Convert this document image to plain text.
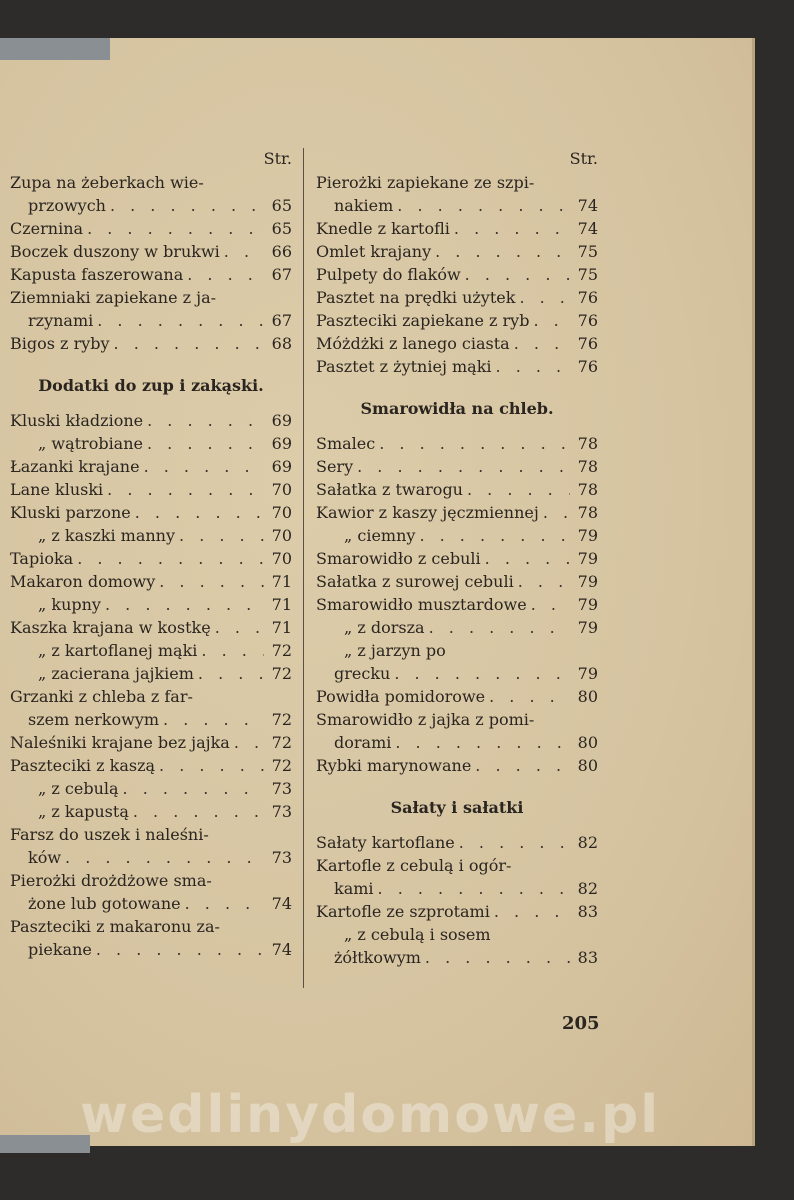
Str.
Zupa na żeberkach wie-
przowych . . .	65
Czernina . . .	65
Boczek duszony w brukwi . . .	66
Kapusta faszerowana . . .	67
Ziemniaki zapiekane z ja-
rzynami . . .	67
Bigos z ryby . . .	68
Dodatki do zup i zakąski.
Kluski kładzione . . .	69
„ wątrobiane . . .	69
Łazanki krajane . . .	69
Lane kluski . . .	70
Kluski parzone . . .	70
„ z kaszki manny . . .	70
Tapioka . . .	70
Makaron domowy . . .	71
„ kupny . . .	71
Kaszka krajana w kostkę . . .	71
„ z kartoflanej mąki . . .	72
„ zacierana jajkiem . . .	72
Grzanki z chleba z far-
szem nerkowym . . .	72
Naleśniki krajane bez jajka . . .	72
Paszteciki z kaszą . . .	72
„ z cebulą . . .	73
„ z kapustą . . .	73
Farsz do uszek i naleśni-
ków . . .	73
Pierożki drożdżowe sma-
żone lub gotowane . . .	74
Paszteciki z makaronu za-
piekane . . .	74
Str.
Pierożki zapiekane ze szpi-
nakiem . . .	74
Knedle z kartofli . . .	74
Omlet krajany . . .	75
Pulpety do flaków . . .	75
Pasztet na prędki użytek . . .	76
Paszteciki zapiekane z ryb . . .	76
Móżdżki z lanego ciasta . . .	76
Pasztet z żytniej mąki . . .	76
Smarowidła na chleb.
Smalec . . .	78
Sery . . .	78
Sałatka z twarogu . . .	78
Kawior z kaszy jęczmiennej . . .	78
„ ciemny . . .	79
Smarowidło z cebuli . . .	79
Sałatka z surowej cebuli . . .	79
Smarowidło musztardowe . . .	79
„ z dorsza . . .	79
„ z jarzyn po
grecku . . .	79
Powidła pomidorowe . . .	80
Smarowidło z jajka z pomi-
dorami . . .	80
Rybki marynowane . . .	80
Sałaty i sałatki
Sałaty kartoflane . . .	82
Kartofle z cebulą i ogór-
kami . . .	82
Kartofle ze szprotami . . .	83
„ z cebulą i sosem
żółtkowym . . .	83
205
wedlinydomowe.pl
